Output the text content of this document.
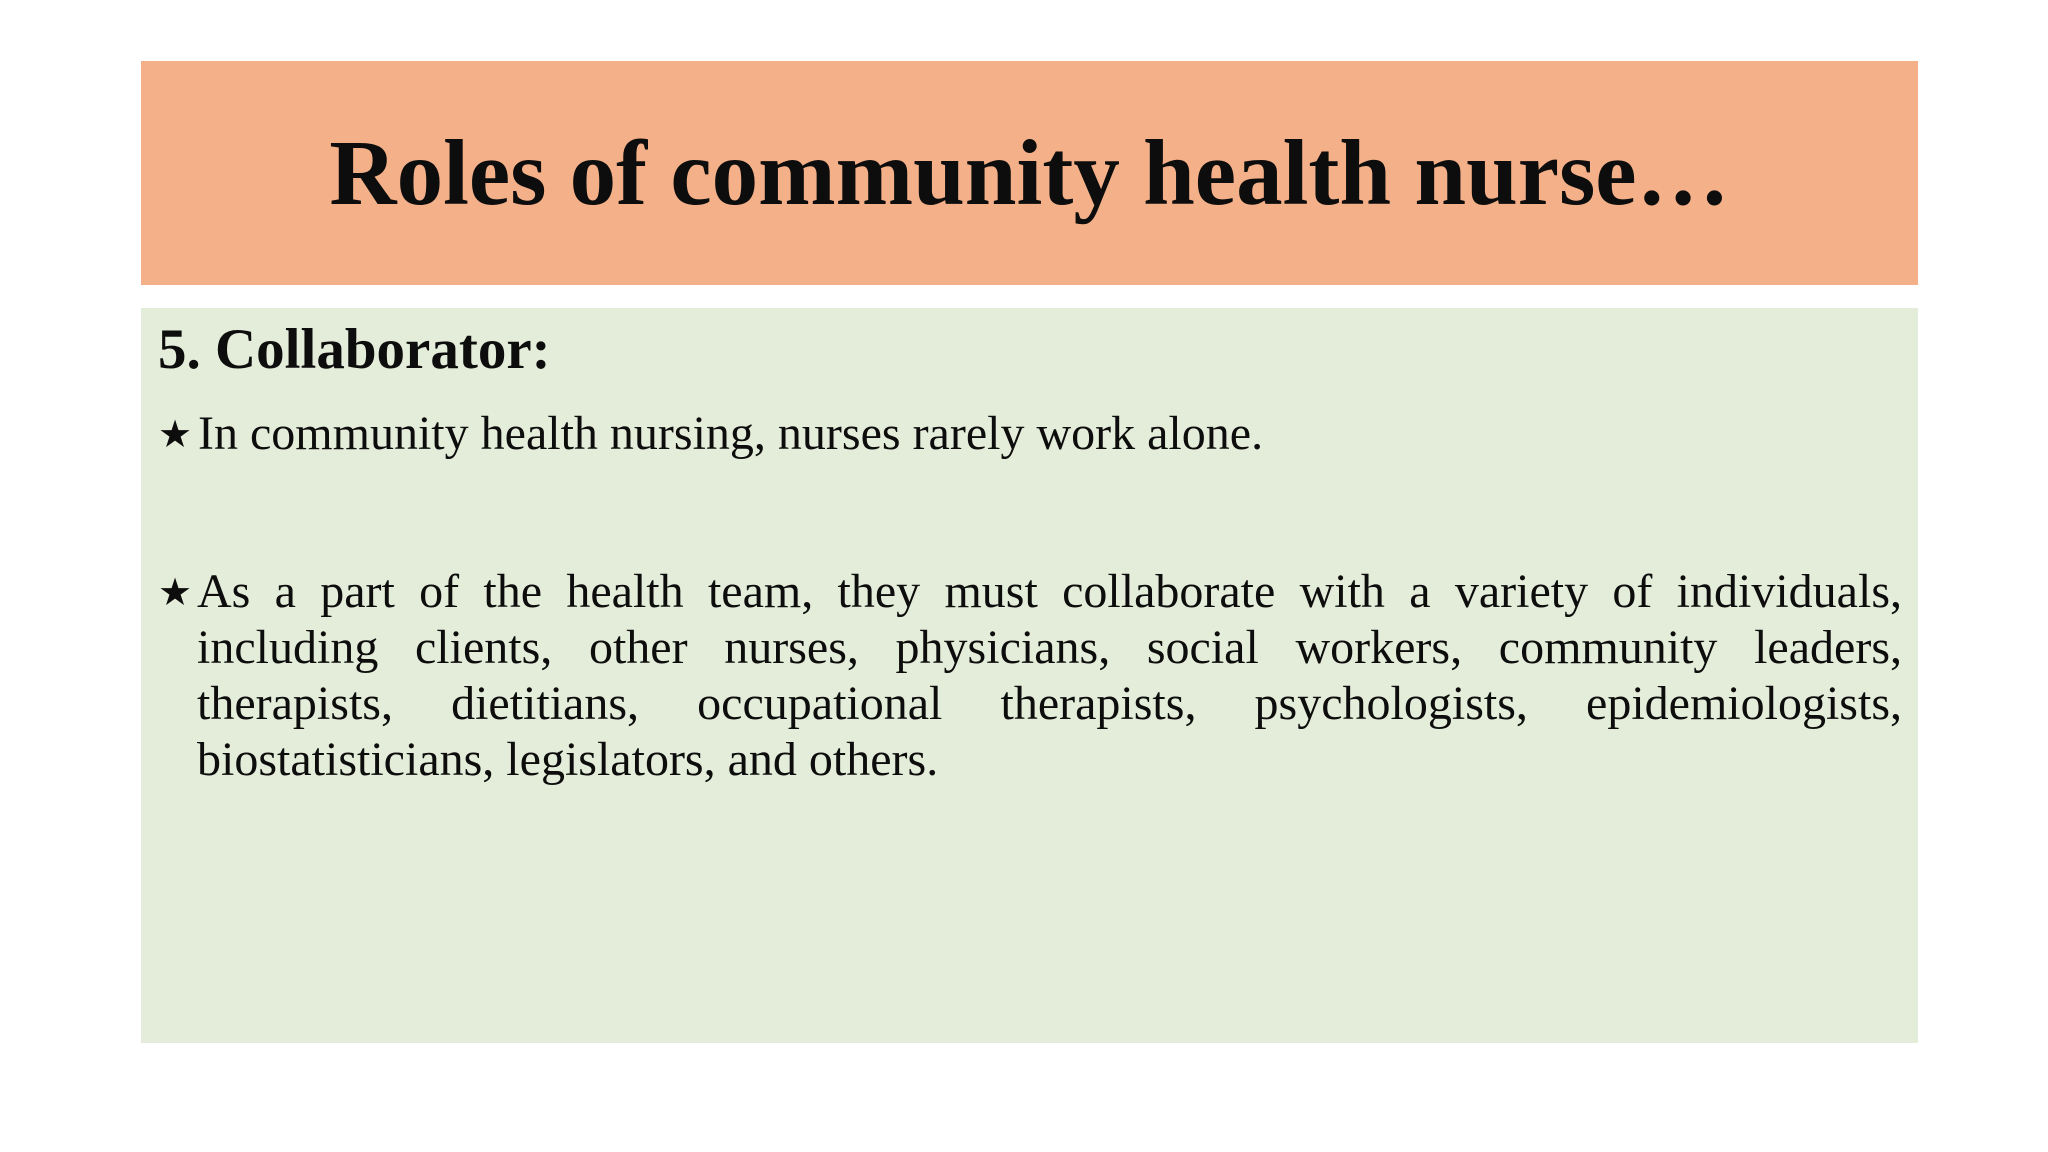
Roles of community health nurse…
5. Collaborator:

★ In community health nursing, nurses rarely work alone.

★ As a part of the health team, they must collaborate with a variety of individuals, including clients, other nurses, physicians, social workers, community leaders, therapists, dietitians, occupational therapists, psychologists, epidemiologists, biostatisticians, legislators, and others.
